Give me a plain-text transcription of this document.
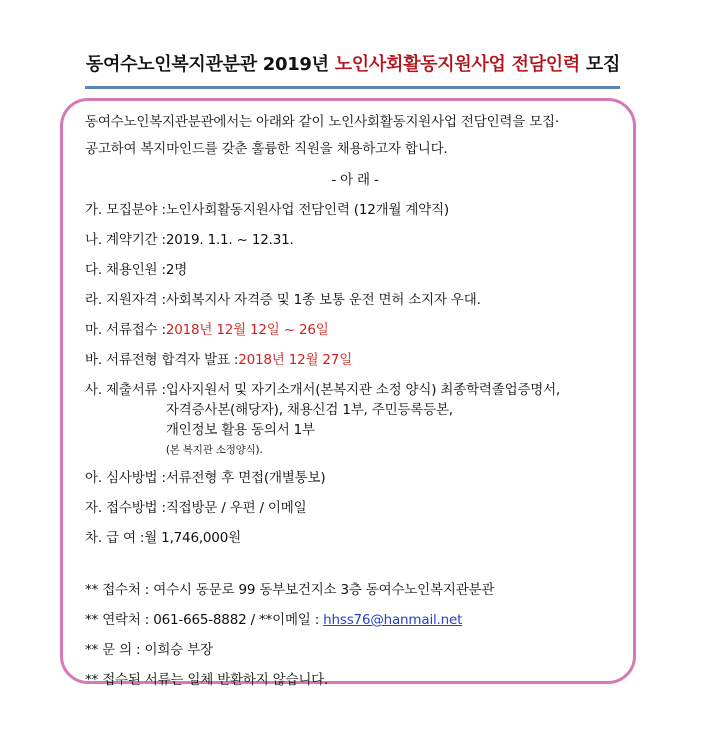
동여수노인복지관분관 2019년 노인사회활동지원사업 전담인력 모집

동여수노인복지관분관에서는 아래와 같이 노인사회활동지원사업 전담인력을 모집·

공고하여 복지마인드를 갖춘 훌륭한 직원을 채용하고자 합니다.

- 아 래 -
가. 모집분야 : 노인사회활동지원사업 전담인력 (12개월 계약직)
나. 계약기간 : 2019. 1.1. ~ 12.31.
다. 채용인원 : 2명
라. 지원자격 : 사회복지사 자격증 및 1종 보통 운전 면허 소지자 우대.
마. 서류접수 : 2018년 12월 12일 ~ 26일
바. 서류전형 합격자 발표 : 2018년 12월 27일
사. 제출서류 : 입사지원서 및 자기소개서(본복지관 소정 양식) 최종학력졸업증명서,
자격증사본(해당자), 채용신검 1부, 주민등록등본,
개인정보 활용 동의서 1부
(본 복지관 소정양식).
아. 심사방법 : 서류전형 후 면접(개별통보)
자. 접수방법 : 직접방문 / 우편 / 이메일
차. 급 여 : 월 1,746,000원
** 접수처 : 여수시 동문로 99 동부보건지소 3층 동여수노인복지관분관
** 연락처 : 061-665-8882 / **이메일 : hhss76@hanmail.net
** 문 의 : 이희승 부장
** 접수된 서류는 일체 반환하지 않습니다.
